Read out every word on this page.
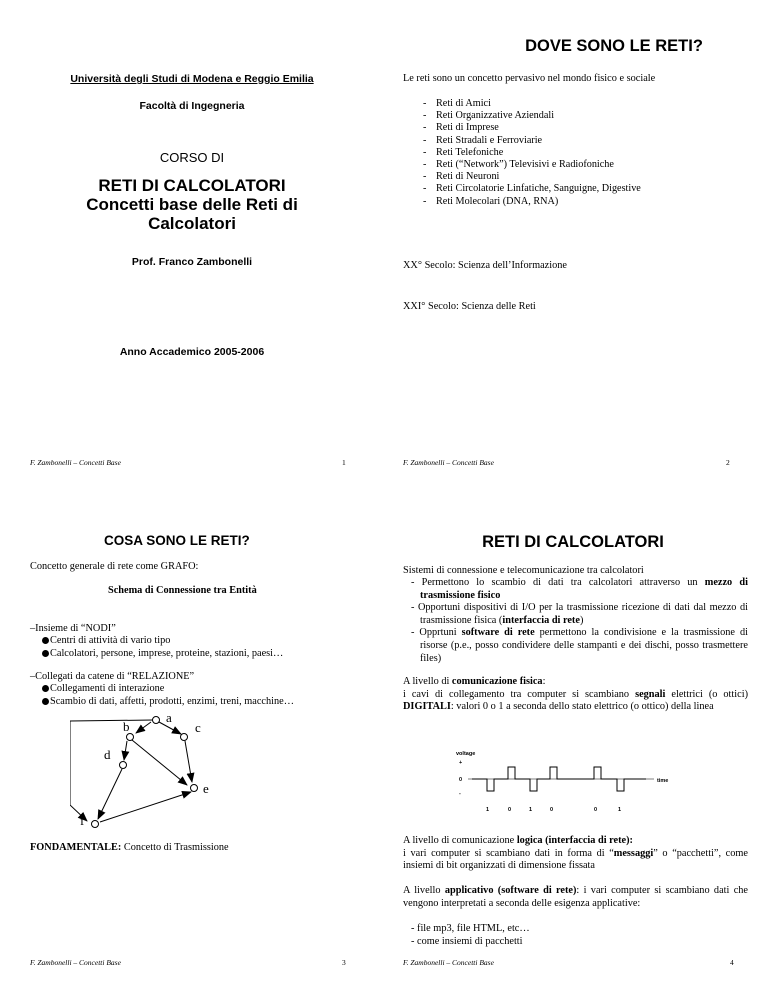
Università degli Studi di Modena e Reggio Emilia
Facoltà di Ingegneria
CORSO DI
RETI DI CALCOLATORI
Concetti base delle Reti di
Calcolatori
Prof. Franco Zambonelli
Anno Accademico 2005-2006
F. Zambonelli – Concetti Base	1
DOVE SONO LE RETI?
Le reti sono un concetto pervasivo nel mondo fisico e sociale
- Reti di Amici
- Reti Organizzative Aziendali
- Reti di Imprese
- Reti Stradali e Ferroviarie
- Reti Telefoniche
- Reti (“Network”) Televisivi e Radiofoniche
- Reti di Neuroni
- Reti Circolatorie Linfatiche, Sanguigne, Digestive
- Reti Molecolari (DNA, RNA)
XX° Secolo: Scienza dell’Informazione
XXI° Secolo: Scienza delle Reti
F. Zambonelli – Concetti Base	2
COSA SONO LE RETI?
Concetto generale di rete come GRAFO:
Schema di Connessione tra Entità
–Insieme di “NODI”
Centri di attività di vario tipo
Calcolatori, persone, imprese, proteine, stazioni, paesi…
–Collegati da catene di “RELAZIONE”
Collegamenti di interazione
Scambio di dati, affetti, prodotti, enzimi, treni, macchine…
a
b	c
d
e
f
FONDAMENTALE: Concetto di Trasmissione
F. Zambonelli – Concetti Base	3
RETI DI CALCOLATORI
Sistemi di connessione e telecomunicazione tra calcolatori
- Permettono lo scambio di dati tra calcolatori attraverso un mezzo di trasmissione fisico
- Opportuni dispositivi di I/O per la trasmissione ricezione di dati dal mezzo di trasmissione fisica (interfaccia di rete)
- Opprtuni software di rete permettono la condivisione e la trasmissione di risorse (p.e., posso condividere delle stampanti e dei dischi, posso trasmettere files)
A livello di comunicazione fisica:
i cavi di collegamento tra computer si scambiano segnali elettrici (o ottici) DIGITALI: valori 0 o 1 a seconda dello stato elettrico (o ottico) della linea
voltage
+
0
-
time
1	0	1	0	0	1
A livello di comunicazione logica (interfaccia di rete):
i vari computer si scambiano dati in forma di “messaggi” o “pacchetti”, come insiemi di bit organizzati di dimensione fissata
A livello applicativo (software di rete): i vari computer si scambiano dati che vengono interpretati a seconda delle esigenza applicative:
- file mp3, file HTML, etc…
- come insiemi di pacchetti
F. Zambonelli – Concetti Base	4
